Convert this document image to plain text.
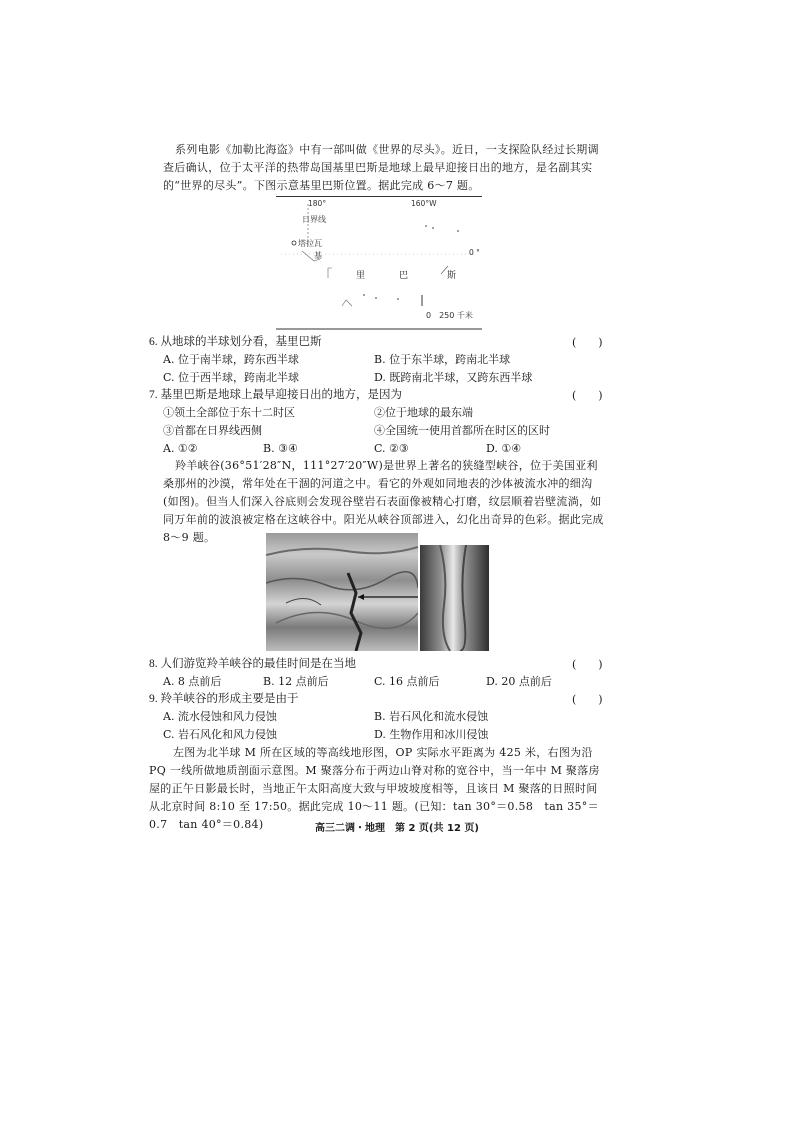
系列电影《加勒比海盗》中有一部叫做《世界的尽头》。近日，一支探险队经过长期调查后确认，位于太平洋的热带岛国基里巴斯是地球上最早迎接日出的地方，是名副其实的“世界的尽头”。下图示意基里巴斯位置。据此完成 6～7 题。
180°	160°W
日界线
塔拉瓦
基	0 °
里	巴	斯
0　250 千米
6. 从地球的半球划分看，基里巴斯	(　　)
A. 位于南半球，跨东西半球	B. 位于东半球，跨南北半球
C. 位于西半球，跨南北半球	D. 既跨南北半球，又跨东西半球
7. 基里巴斯是地球上最早迎接日出的地方，是因为	(　　)
①领土全部位于东十二时区	②位于地球的最东端
③首都在日界线西侧	④全国统一使用首都所在时区的区时
A. ①②	B. ③④	C. ②③	D. ①④
羚羊峡谷(36°51′28″N，111°27′20″W)是世界上著名的狭缝型峡谷，位于美国亚利桑那州的沙漠，常年处在干涸的河道之中。看它的外观如同地表的沙体被流水冲的细沟(如图)。但当人们深入谷底则会发现谷壁岩石表面像被精心打磨，纹层顺着岩壁流淌，如同万年前的波浪被定格在这峡谷中。阳光从峡谷顶部进入，幻化出奇异的色彩。据此完成 8～9 题。
8. 人们游览羚羊峡谷的最佳时间是在当地	(　　)
A. 8 点前后	B. 12 点前后	C. 16 点前后	D. 20 点前后
9. 羚羊峡谷的形成主要是由于	(　　)
A. 流水侵蚀和风力侵蚀	B. 岩石风化和流水侵蚀
C. 岩石风化和风力侵蚀	D. 生物作用和冰川侵蚀
左图为北半球 M 所在区域的等高线地形图，OP 实际水平距离为 425 米，右图为沿 PQ 一线所做地质剖面示意图。M 聚落分布于两边山脊对称的宽谷中，当一年中 M 聚落房屋的正午日影最长时，当地正午太阳高度大致与甲坡坡度相等，且该日 M 聚落的日照时间从北京时间 8:10 至 17:50。据此完成 10～11 题。(已知：tan 30°＝0.58　tan 35°＝0.7　tan 40°＝0.84)	高三二调・地理　第 2 页(共 12 页)
